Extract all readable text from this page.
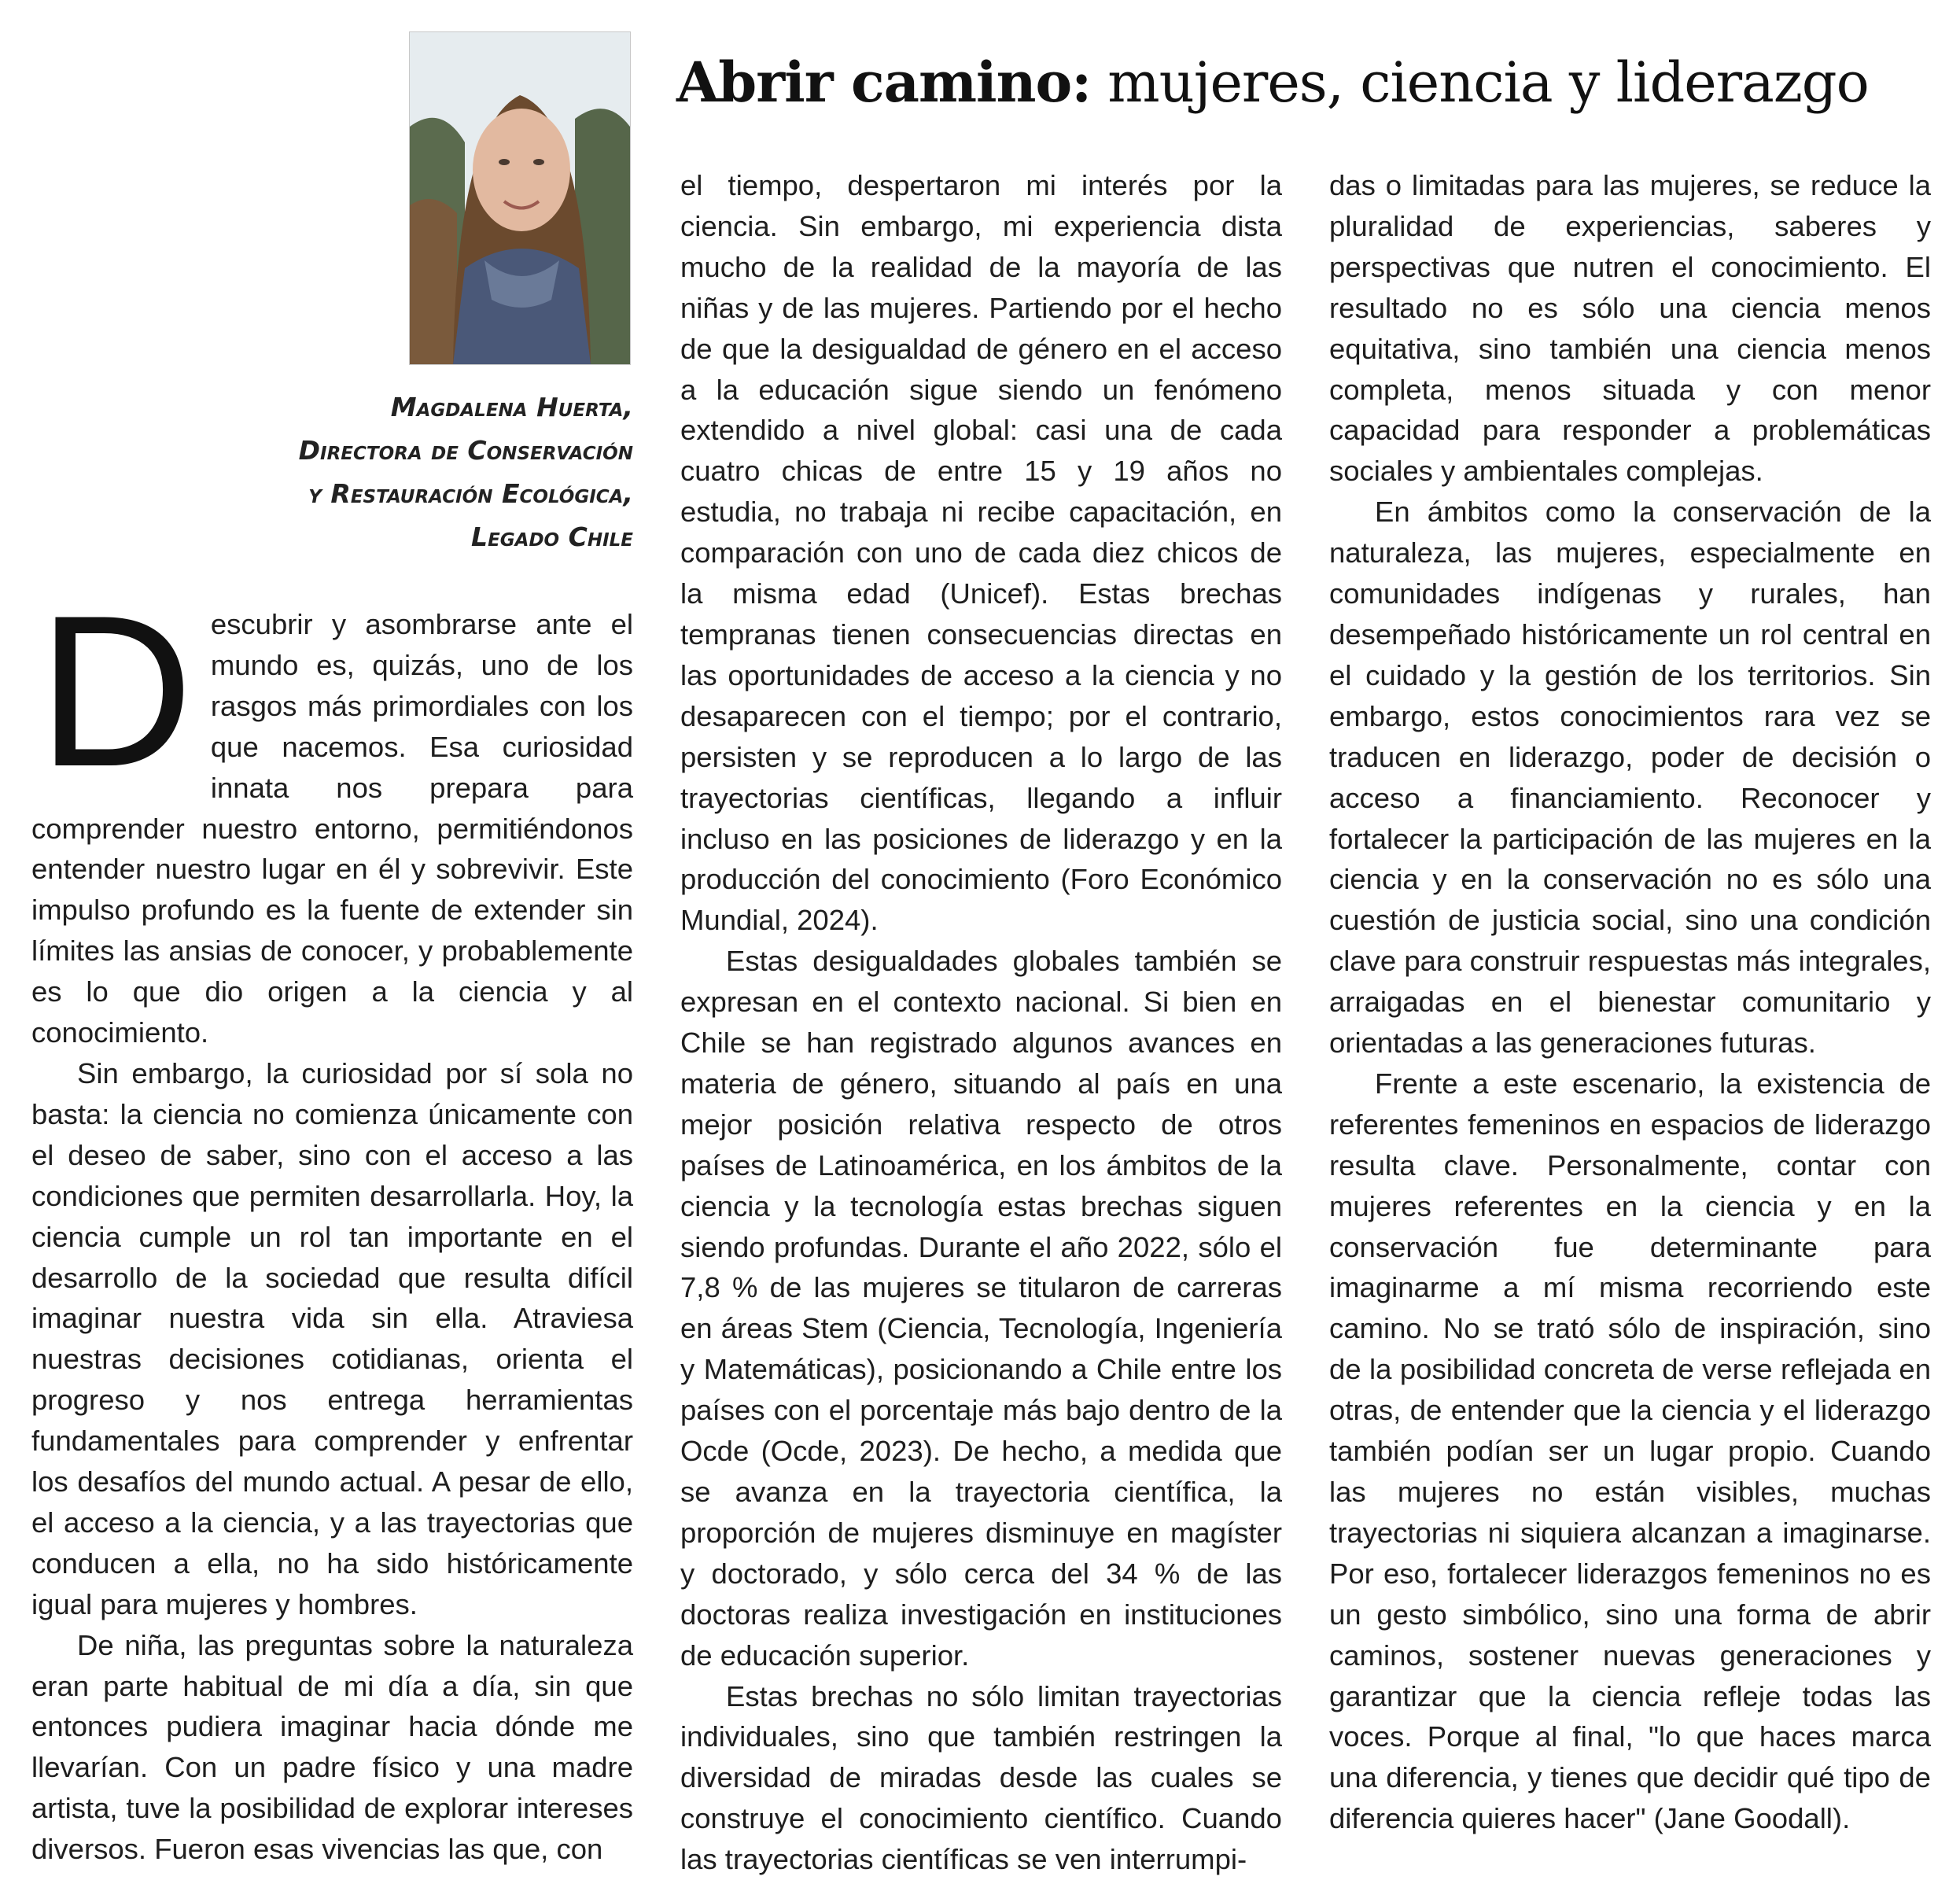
Magdalena Huerta,
Directora de Conservación
y Restauración Ecológica,
Legado Chile
Abrir camino: mujeres, ciencia y liderazgo
D escubrir y asombrarse ante el mundo es, quizás, uno de los rasgos más primordiales con los que nacemos. Esa curiosidad innata nos prepara para comprender nuestro entorno, permitiéndonos entender nuestro lugar en él y sobrevivir. Este impulso profundo es la fuente de extender sin límites las ansias de conocer, y probablemente es lo que dio origen a la ciencia y al conocimiento.

Sin embargo, la curiosidad por sí sola no basta: la ciencia no comienza únicamente con el deseo de saber, sino con el acceso a las condiciones que permiten desarrollarla. Hoy, la ciencia cumple un rol tan importante en el desarrollo de la sociedad que resulta difícil imaginar nuestra vida sin ella. Atraviesa nuestras decisiones cotidianas, orienta el progreso y nos entrega herramientas fundamentales para comprender y enfrentar los desafíos del mundo actual. A pesar de ello, el acceso a la ciencia, y a las trayectorias que conducen a ella, no ha sido históricamente igual para mujeres y hombres.

De niña, las preguntas sobre la naturaleza eran parte habitual de mi día a día, sin que entonces pudiera imaginar hacia dónde me llevarían. Con un padre físico y una madre artista, tuve la posibilidad de explorar intereses diversos. Fueron esas vivencias las que, con

el tiempo, despertaron mi interés por la ciencia. Sin embargo, mi experiencia dista mucho de la realidad de la mayoría de las niñas y de las mujeres. Partiendo por el hecho de que la desigualdad de género en el acceso a la educación sigue siendo un fenómeno extendido a nivel global: casi una de cada cuatro chicas de entre 15 y 19 años no estudia, no trabaja ni recibe capacitación, en comparación con uno de cada diez chicos de la misma edad (Unicef). Estas brechas tempranas tienen consecuencias directas en las oportunidades de acceso a la ciencia y no desaparecen con el tiempo; por el contrario, persisten y se reproducen a lo largo de las trayectorias científicas, llegando a influir incluso en las posiciones de liderazgo y en la producción del conocimiento (Foro Económico Mundial, 2024).

Estas desigualdades globales también se expresan en el contexto nacional. Si bien en Chile se han registrado algunos avances en materia de género, situando al país en una mejor posición relativa respecto de otros países de Latinoamérica, en los ámbitos de la ciencia y la tecnología estas brechas siguen siendo profundas. Durante el año 2022, sólo el 7,8 % de las mujeres se titularon de carreras en áreas Stem (Ciencia, Tecnología, Ingeniería y Matemáticas), posicionando a Chile entre los países con el porcentaje más bajo dentro de la Ocde (Ocde, 2023). De hecho, a medida que se avanza en la trayectoria científica, la proporción de mujeres disminuye en magíster y doctorado, y sólo cerca del 34 % de las doctoras realiza investigación en instituciones de educación superior.

Estas brechas no sólo limitan trayectorias individuales, sino que también restringen la diversidad de miradas desde las cuales se construye el conocimiento científico. Cuando las trayectorias científicas se ven interrumpi-

das o limitadas para las mujeres, se reduce la pluralidad de experiencias, saberes y perspectivas que nutren el conocimiento. El resultado no es sólo una ciencia menos equitativa, sino también una ciencia menos completa, menos situada y con menor capacidad para responder a problemáticas sociales y ambientales complejas.

En ámbitos como la conservación de la naturaleza, las mujeres, especialmente en comunidades indígenas y rurales, han desempeñado históricamente un rol central en el cuidado y la gestión de los territorios. Sin embargo, estos conocimientos rara vez se traducen en liderazgo, poder de decisión o acceso a financiamiento. Reconocer y fortalecer la participación de las mujeres en la ciencia y en la conservación no es sólo una cuestión de justicia social, sino una condición clave para construir respuestas más integrales, arraigadas en el bienestar comunitario y orientadas a las generaciones futuras.

Frente a este escenario, la existencia de referentes femeninos en espacios de liderazgo resulta clave. Personalmente, contar con mujeres referentes en la ciencia y en la conservación fue determinante para imaginarme a mí misma recorriendo este camino. No se trató sólo de inspiración, sino de la posibilidad concreta de verse reflejada en otras, de entender que la ciencia y el liderazgo también podían ser un lugar propio. Cuando las mujeres no están visibles, muchas trayectorias ni siquiera alcanzan a imaginarse. Por eso, fortalecer liderazgos femeninos no es un gesto simbólico, sino una forma de abrir caminos, sostener nuevas generaciones y garantizar que la ciencia refleje todas las voces. Porque al final, "lo que haces marca una diferencia, y tienes que decidir qué tipo de diferencia quieres hacer" (Jane Goodall).
